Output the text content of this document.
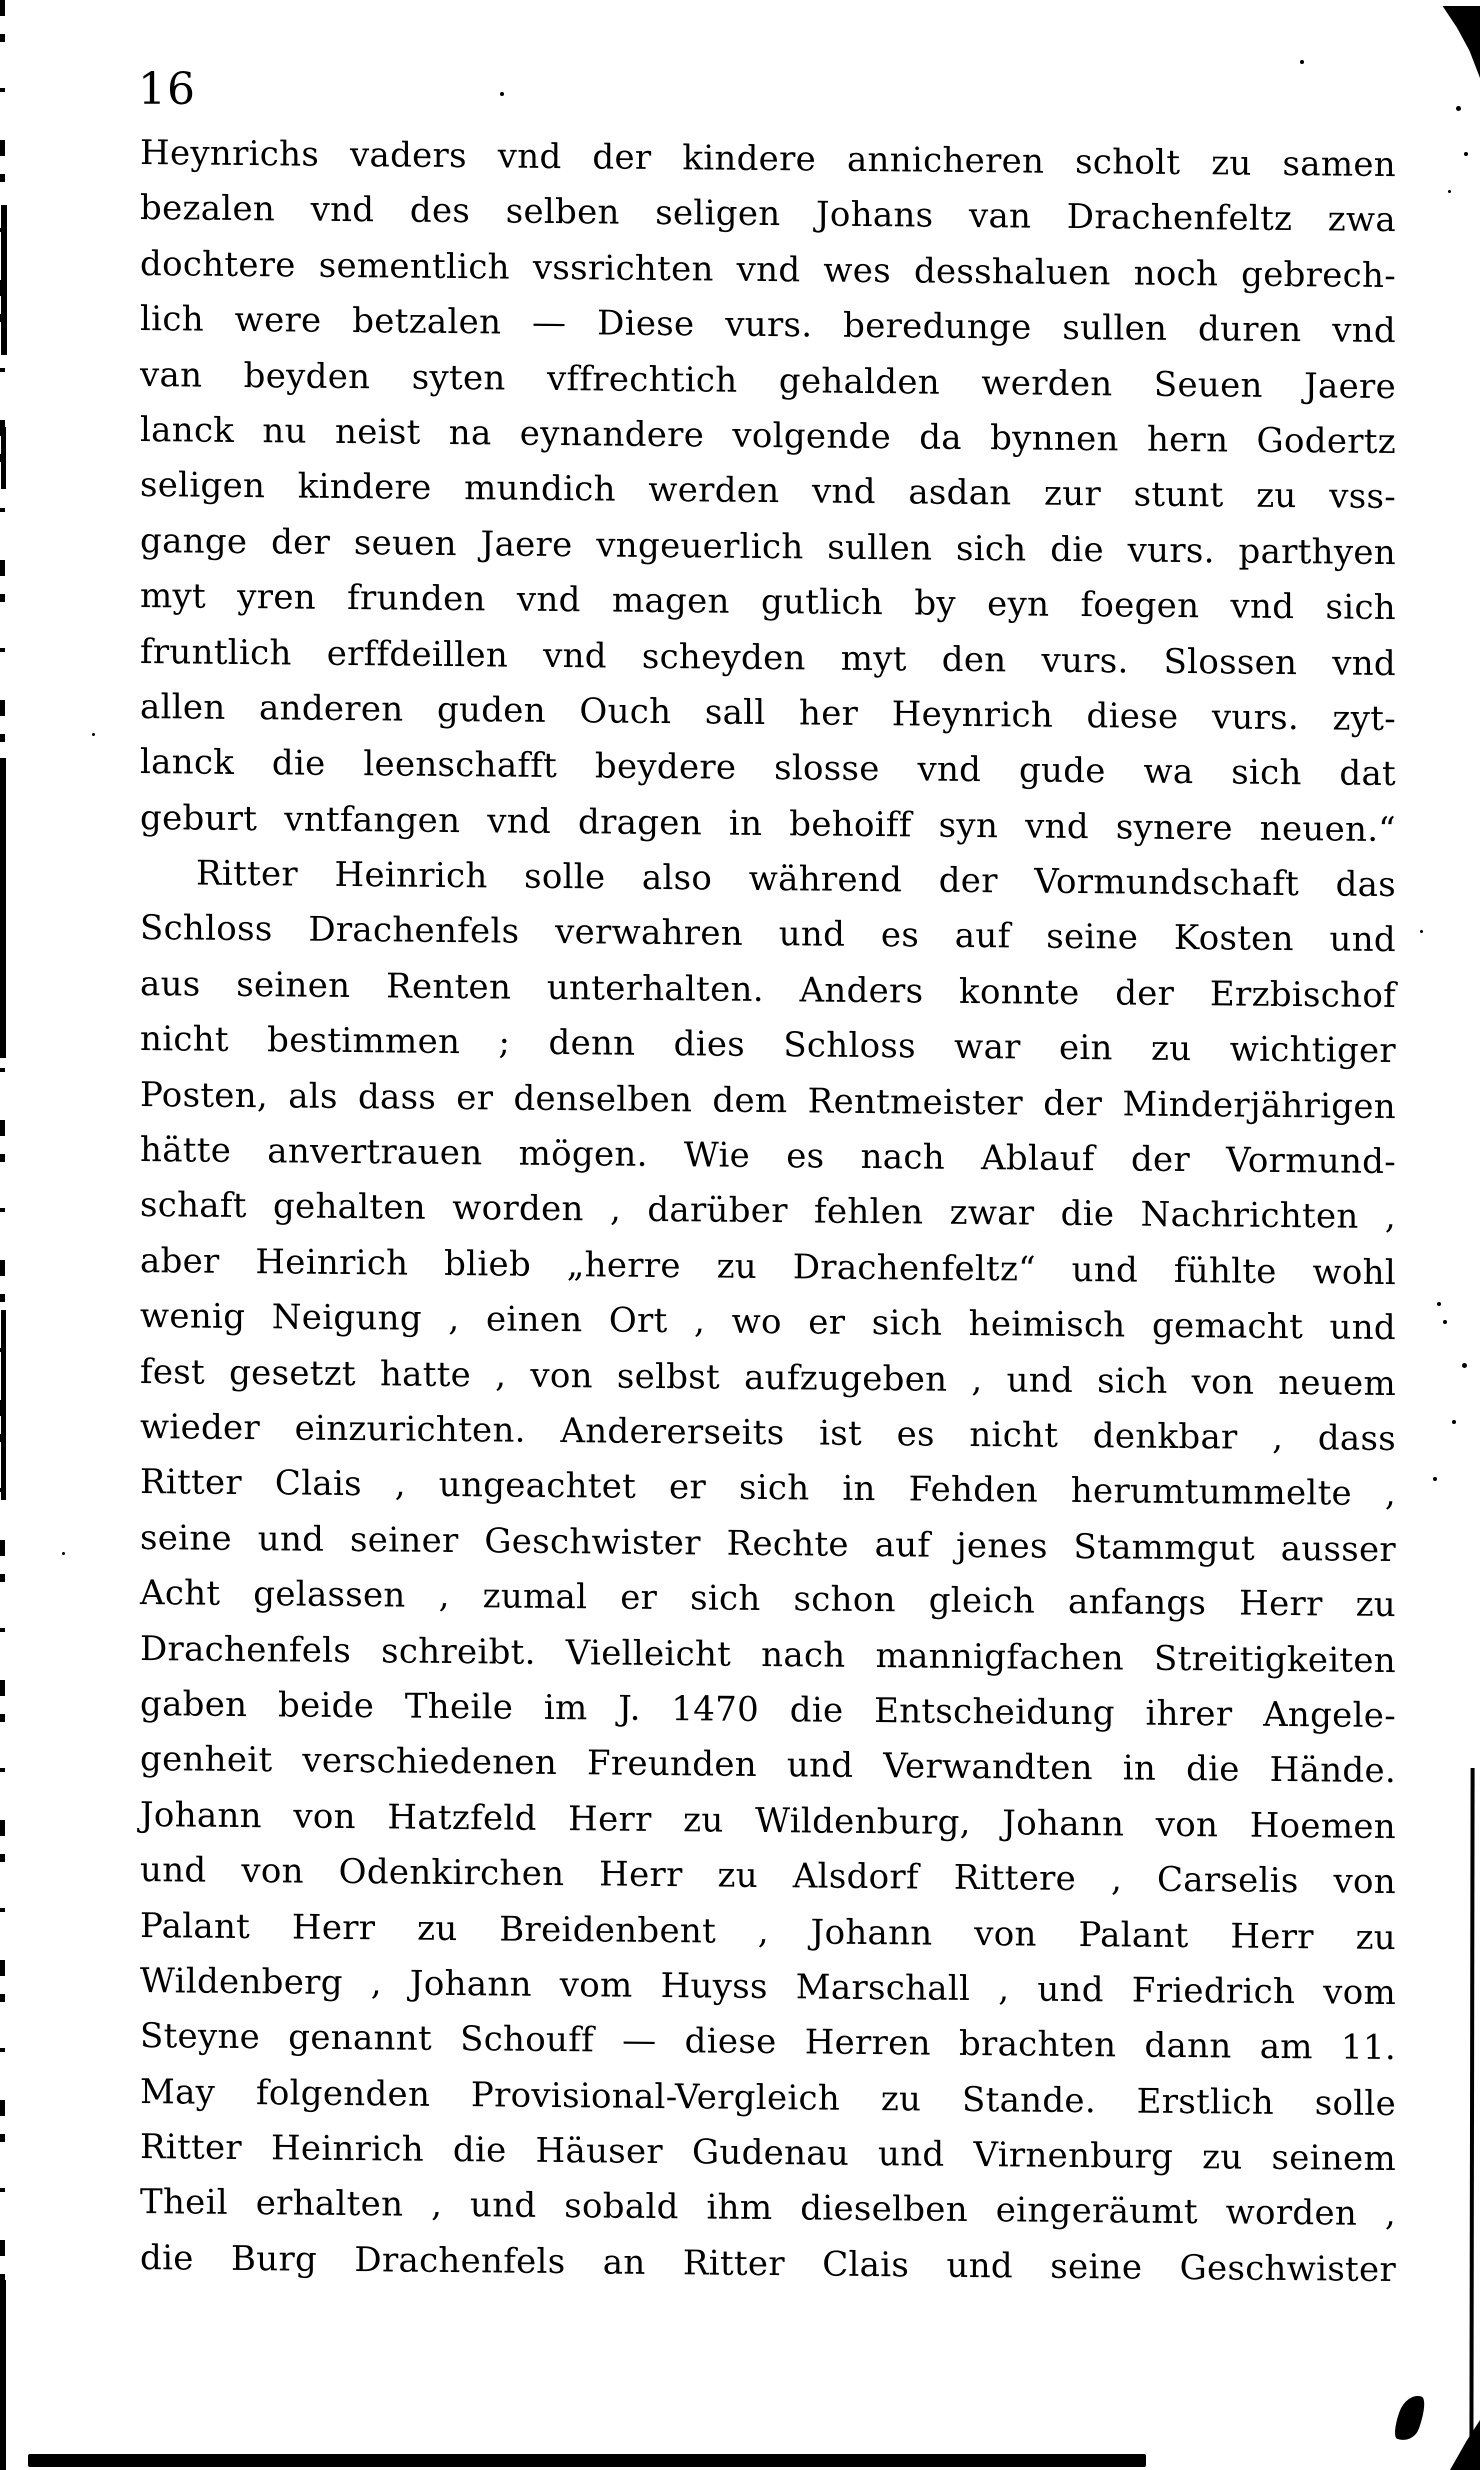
16
Heynrichs vaders vnd der kindere annicheren scholt zu samen
bezalen vnd des selben seligen Johans van Drachenfeltz zwa
dochtere sementlich vssrichten vnd wes desshaluen noch gebrech-
lich were betzalen — Diese vurs. beredunge sullen duren vnd
van beyden syten vffrechtich gehalden werden Seuen Jaere
lanck nu neist na eynandere volgende da bynnen hern Godertz
seligen kindere mundich werden vnd asdan zur stunt zu vss-
gange der seuen Jaere vngeuerlich sullen sich die vurs. parthyen
myt yren frunden vnd magen gutlich by eyn foegen vnd sich
fruntlich erffdeillen vnd scheyden myt den vurs. Slossen vnd
allen anderen guden Ouch sall her Heynrich diese vurs. zyt-
lanck die leenschafft beydere slosse vnd gude wa sich dat
geburt vntfangen vnd dragen in behoiff syn vnd synere neuen.“
Ritter Heinrich solle also während der Vormundschaft das
Schloss Drachenfels verwahren und es auf seine Kosten und
aus seinen Renten unterhalten. Anders konnte der Erzbischof
nicht bestimmen ; denn dies Schloss war ein zu wichtiger
Posten, als dass er denselben dem Rentmeister der Minderjährigen
hätte anvertrauen mögen. Wie es nach Ablauf der Vormund-
schaft gehalten worden , darüber fehlen zwar die Nachrichten ,
aber Heinrich blieb „herre zu Drachenfeltz“ und fühlte wohl
wenig Neigung , einen Ort , wo er sich heimisch gemacht und
fest gesetzt hatte , von selbst aufzugeben , und sich von neuem
wieder einzurichten. Andererseits ist es nicht denkbar , dass
Ritter Clais , ungeachtet er sich in Fehden herumtummelte ,
seine und seiner Geschwister Rechte auf jenes Stammgut ausser
Acht gelassen , zumal er sich schon gleich anfangs Herr zu
Drachenfels schreibt. Vielleicht nach mannigfachen Streitigkeiten
gaben beide Theile im J. 1470 die Entscheidung ihrer Angele-
genheit verschiedenen Freunden und Verwandten in die Hände.
Johann von Hatzfeld Herr zu Wildenburg, Johann von Hoemen
und von Odenkirchen Herr zu Alsdorf Rittere , Carselis von
Palant Herr zu Breidenbent , Johann von Palant Herr zu
Wildenberg , Johann vom Huyss Marschall , und Friedrich vom
Steyne genannt Schouff — diese Herren brachten dann am 11.
May folgenden Provisional-Vergleich zu Stande. Erstlich solle
Ritter Heinrich die Häuser Gudenau und Virnenburg zu seinem
Theil erhalten , und sobald ihm dieselben eingeräumt worden ,
die Burg Drachenfels an Ritter Clais und seine Geschwister
